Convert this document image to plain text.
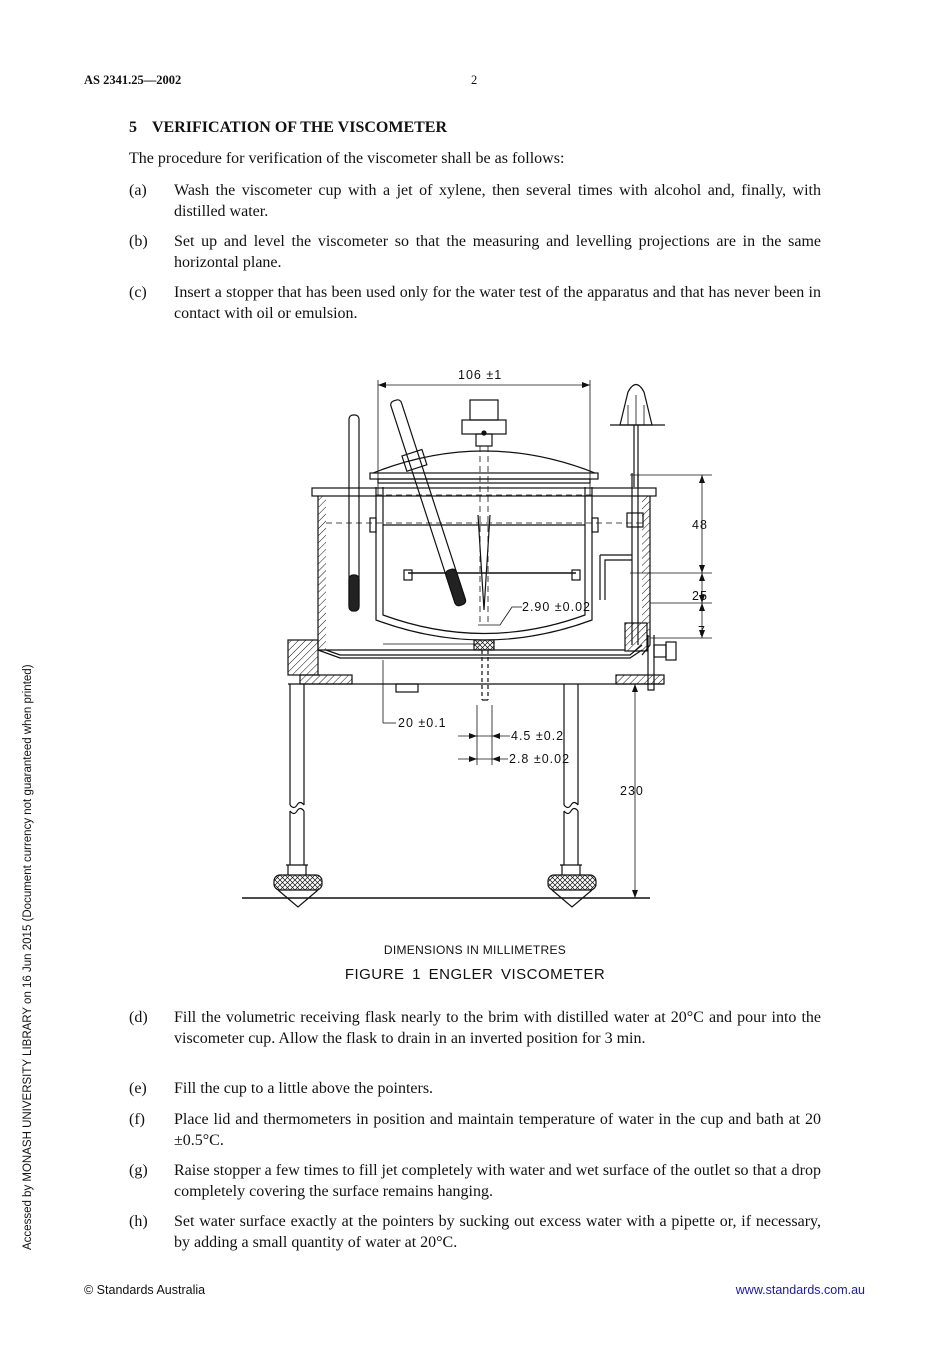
AS 2341.25—2002	2
5 VERIFICATION OF THE VISCOMETER
The procedure for verification of the viscometer shall be as follows:
(a) Wash the viscometer cup with a jet of xylene, then several times with alcohol and, finally, with distilled water.
(b) Set up and level the viscometer so that the measuring and levelling projections are in the same horizontal plane.
(c) Insert a stopper that has been used only for the water test of the apparatus and that has never been in contact with oil or emulsion.
106 ±1
48
25
7
2.90 ±0.02
20 ±0.1
4.5 ±0.2
2.8 ±0.02
230
DIMENSIONS IN MILLIMETRES
FIGURE 1 ENGLER VISCOMETER
(d) Fill the volumetric receiving flask nearly to the brim with distilled water at 20°C and pour into the viscometer cup. Allow the flask to drain in an inverted position for 3 min.
(e) Fill the cup to a little above the pointers.
(f) Place lid and thermometers in position and maintain temperature of water in the cup and bath at 20 ±0.5°C.
(g) Raise stopper a few times to fill jet completely with water and wet surface of the outlet so that a drop completely covering the surface remains hanging.
(h) Set water surface exactly at the pointers by sucking out excess water with a pipette or, if necessary, by adding a small quantity of water at 20°C.
Accessed by MONASH UNIVERSITY LIBRARY on 16 Jun 2015 (Document currency not guaranteed when printed)
© Standards Australia	www.standards.com.au
